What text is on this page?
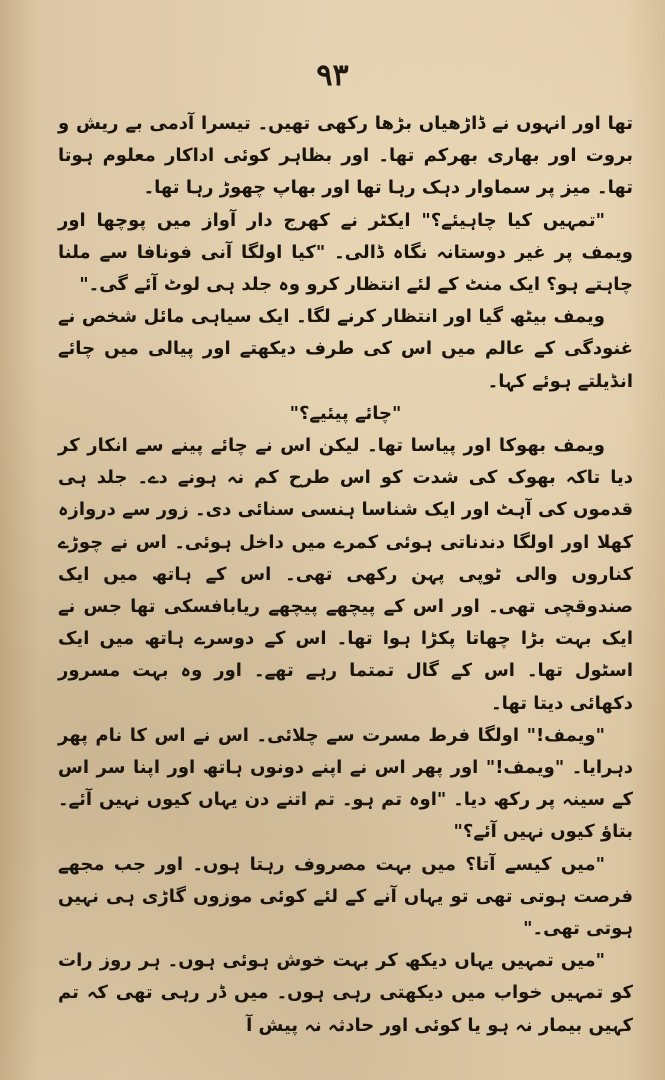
۹۳

تھا اور انہوں نے ڈاڑھیاں بڑھا رکھی تھیں۔ تیسرا آدمی بے ریش و بروت اور بھاری بھرکم تھا۔ اور بظاہر کوئی اداکار معلوم ہوتا تھا۔ میز پر سماوار دہک رہا تھا اور بھاپ چھوڑ رہا تھا۔

"تمہیں کیا چاہیئے؟" ایکٹر نے کھرج دار آواز میں پوچھا اور ویمف پر غیر دوستانہ نگاہ ڈالی۔ "کیا اولگا آنی فونافا سے ملنا چاہتے ہو؟ ایک منٹ کے لئے انتظار کرو وہ جلد ہی لوٹ آئے گی۔"

ویمف بیٹھ گیا اور انتظار کرنے لگا۔ ایک سیاہی مائل شخص نے غنودگی کے عالم میں اس کی طرف دیکھتے اور پیالی میں چائے انڈیلتے ہوئے کہا۔

"چائے پیئیے؟"

ویمف بھوکا اور پیاسا تھا۔ لیکن اس نے چائے پینے سے انکار کر دیا تاکہ بھوک کی شدت کو اس طرح کم نہ ہونے دے۔ جلد ہی قدموں کی آہٹ اور ایک شناسا ہنسی سنائی دی۔ زور سے دروازہ کھلا اور اولگا دندناتی ہوئی کمرے میں داخل ہوئی۔ اس نے چوڑے کناروں والی ٹوپی پہن رکھی تھی۔ اس کے ہاتھ میں ایک صندوقچی تھی۔ اور اس کے پیچھے پیچھے ریابافسکی تھا جس نے ایک بہت بڑا چھاتا پکڑا ہوا تھا۔ اس کے دوسرے ہاتھ میں ایک اسٹول تھا۔ اس کے گال تمتما رہے تھے۔ اور وہ بہت مسرور دکھائی دیتا تھا۔

"ویمف!" اولگا فرط مسرت سے چلائی۔ اس نے اس کا نام پھر دہرایا۔ "ویمف!" اور پھر اس نے اپنے دونوں ہاتھ اور اپنا سر اس کے سینہ پر رکھ دیا۔ "اوہ تم ہو۔ تم اتنے دن یہاں کیوں نہیں آئے۔ بتاؤ کیوں نہیں آئے؟"

"میں کیسے آتا؟ میں بہت مصروف رہتا ہوں۔ اور جب مجھے فرصت ہوتی تھی تو یہاں آنے کے لئے کوئی موزوں گاڑی ہی نہیں ہوتی تھی۔"

"میں تمہیں یہاں دیکھ کر بہت خوش ہوئی ہوں۔ ہر روز رات کو تمہیں خواب میں دیکھتی رہی ہوں۔ میں ڈر رہی تھی کہ تم کہیں بیمار نہ ہو یا کوئی اور حادثہ نہ پیش آ
